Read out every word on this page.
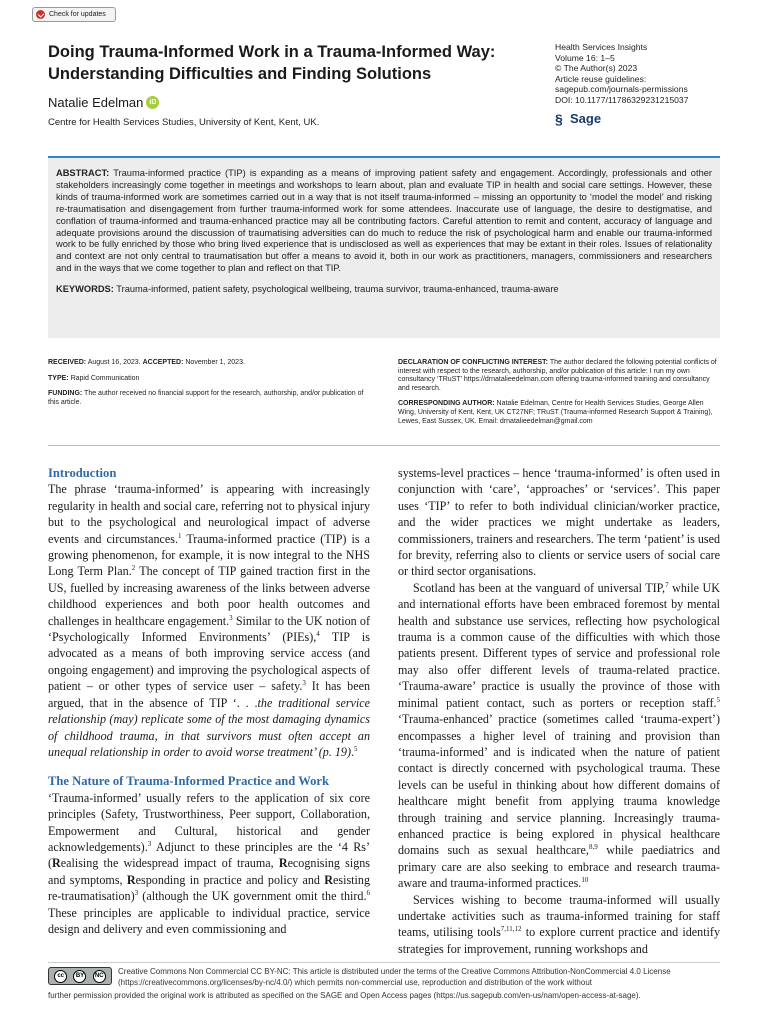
Check for updates
Doing Trauma-Informed Work in a Trauma-Informed Way: Understanding Difficulties and Finding Solutions
Natalie Edelman iD
Centre for Health Services Studies, University of Kent, Kent, UK.
Health Services Insights
Volume 16: 1–5
© The Author(s) 2023
Article reuse guidelines:
sagepub.com/journals-permissions
DOI: 10.1177/11786329231215037
§ Sage
ABSTRACT: Trauma-informed practice (TIP) is expanding as a means of improving patient safety and engagement. Accordingly, professionals and other stakeholders increasingly come together in meetings and workshops to learn about, plan and evaluate TIP in health and social care settings. However, these kinds of trauma-informed work are sometimes carried out in a way that is not itself trauma-informed – missing an opportunity to ‘model the model’ and risking re-traumatisation and disengagement from further trauma-informed work for some attendees. Inaccurate use of language, the desire to destigmatise, and conflation of trauma-informed and trauma-enhanced practice may all be contributing factors. Careful attention to remit and content, accuracy of language and adequate provisions around the discussion of traumatising adversities can do much to reduce the risk of psychological harm and enable our trauma-informed work to be fully enriched by those who bring lived experience that is undisclosed as well as experiences that may be extant in their roles. Issues of relationality and context are not only central to traumatisation but offer a means to avoid it, both in our work as practitioners, managers, commissioners and researchers and in the ways that we come together to plan and reflect on that TIP.
KEYWORDS: Trauma-informed, patient safety, psychological wellbeing, trauma survivor, trauma-enhanced, trauma-aware

RECEIVED: August 16, 2023. ACCEPTED: November 1, 2023.

TYPE: Rapid Communication

FUNDING: The author received no financial support for the research, authorship, and/or publication of this article.

DECLARATION OF CONFLICTING INTEREST: The author declared the following potential conflicts of interest with respect to the research, authorship, and/or publication of this article: I run my own consultancy ‘TRuST’ https://drnatalieedelman.com offering trauma-informed training and consultancy and research.

CORRESPONDING AUTHOR: Natalie Edelman, Centre for Health Services Studies, George Allen Wing, University of Kent, Kent, UK CT27NF; TRuST (Trauma-informed Research Support & Training), Lewes, East Sussex, UK. Email: drnatalieedelman@gmail.com

Introduction

The phrase ‘trauma-informed’ is appearing with increasingly regularity in health and social care, referring not to physical injury but to the psychological and neurological impact of adverse events and circumstances.$^1$ Trauma-informed practice (TIP) is a growing phenomenon, for example, it is now integral to the NHS Long Term Plan.$^2$ The concept of TIP gained traction first in the US, fuelled by increasing awareness of the links between adverse childhood experiences and both poor health outcomes and challenges in healthcare engagement.$^3$ Similar to the UK notion of ‘Psychologically Informed Environments’ (PIEs),$^4$ TIP is advocated as a means of both improving service access (and ongoing engagement) and improving the psychological aspects of patient – or other types of service user – safety.$^3$ It has been argued, that in the absence of TIP ‘. . .the traditional service relationship (may) replicate some of the most damaging dynamics of childhood trauma, in that survivors must often accept an unequal relationship in order to avoid worse treatment’ (p. 19).$^5$

The Nature of Trauma-Informed Practice and Work

‘Trauma-informed’ usually refers to the application of six core principles (Safety, Trustworthiness, Peer support, Collaboration, Empowerment and Cultural, historical and gender acknowledgements).$^3$ Adjunct to these principles are the ‘4 Rs’ (Realising the widespread impact of trauma, Recognising signs and symptoms, Responding in practice and policy and Resisting re-traumatisation)$^3$ (although the UK government omit the third.$^6$ These principles are applicable to individual practice, service design and delivery and even commissioning and

systems-level practices – hence ‘trauma-informed’ is often used in conjunction with ‘care’, ‘approaches’ or ‘services’. This paper uses ‘TIP’ to refer to both individual clinician/worker practice, and the wider practices we might undertake as leaders, commissioners, trainers and researchers. The term ‘patient’ is used for brevity, referring also to clients or service users of social care or third sector organisations.

Scotland has been at the vanguard of universal TIP,$^7$ while UK and international efforts have been embraced foremost by mental health and substance use services, reflecting how psychological trauma is a common cause of the difficulties with which those patients present. Different types of service and professional role may also offer different levels of trauma-related practice. ‘Trauma-aware’ practice is usually the province of those with minimal patient contact, such as porters or reception staff.$^5$ ‘Trauma-enhanced’ practice (sometimes called ‘trauma-expert’) encompasses a higher level of training and provision than ‘trauma-informed’ and is indicated when the nature of patient contact is directly concerned with psychological trauma. These levels can be useful in thinking about how different domains of healthcare might benefit from applying trauma knowledge through training and service planning. Increasingly trauma-enhanced practice is being explored in physical healthcare domains such as sexual healthcare,$^{8,9}$ while paediatrics and primary care are also seeking to embrace and research trauma-aware and trauma-informed practices.$^{10}$

Services wishing to become trauma-informed will usually undertake activities such as trauma-informed training for staff teams, utilising tools$^{7,11,12}$ to explore current practice and identify strategies for improvement, running workshops and

cc	BY	NC Creative Commons Non Commercial CC BY-NC: This article is distributed under the terms of the Creative Commons Attribution-NonCommercial 4.0 License (https://creativecommons.org/licenses/by-nc/4.0/) which permits non-commercial use, reproduction and distribution of the work without
further permission provided the original work is attributed as specified on the SAGE and Open Access pages (https://us.sagepub.com/en-us/nam/open-access-at-sage).
